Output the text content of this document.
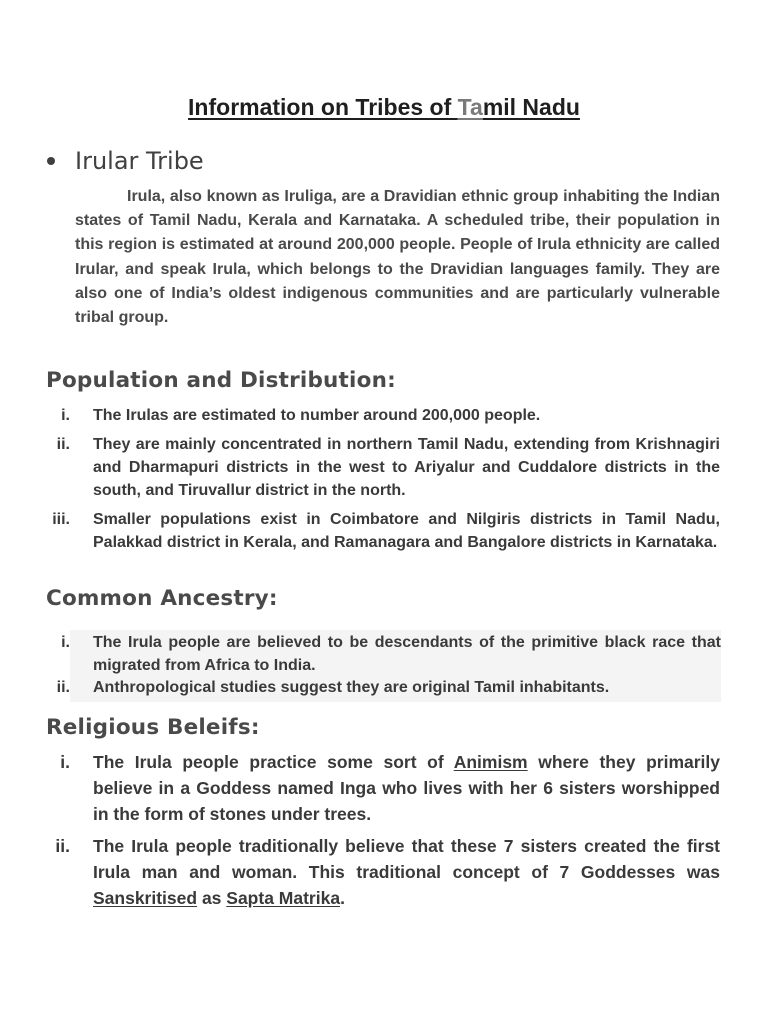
Information on Tribes of Tamil Nadu
Irular Tribe

Irula, also known as Iruliga, are a Dravidian ethnic group inhabiting the Indian states of Tamil Nadu, Kerala and Karnataka. A scheduled tribe, their population in this region is estimated at around 200,000 people. People of Irula ethnicity are called Irular, and speak Irula, which belongs to the Dravidian languages family. They are also one of India’s oldest indigenous communities and are particularly vulnerable tribal group.

Population and Distribution:
i. The Irulas are estimated to number around 200,000 people.
ii. They are mainly concentrated in northern Tamil Nadu, extending from Krishnagiri and Dharmapuri districts in the west to Ariyalur and Cuddalore districts in the south, and Tiruvallur district in the north.
iii. Smaller populations exist in Coimbatore and Nilgiris districts in Tamil Nadu, Palakkad district in Kerala, and Ramanagara and Bangalore districts in Karnataka.
Common Ancestry:
i. The Irula people are believed to be descendants of the primitive black race that migrated from Africa to India.
ii. Anthropological studies suggest they are original Tamil inhabitants.
Religious Beleifs:
i. The Irula people practice some sort of Animism where they primarily believe in a Goddess named Inga who lives with her 6 sisters worshipped in the form of stones under trees.
ii. The Irula people traditionally believe that these 7 sisters created the first Irula man and woman. This traditional concept of 7 Goddesses was Sanskritised as Sapta Matrika.
